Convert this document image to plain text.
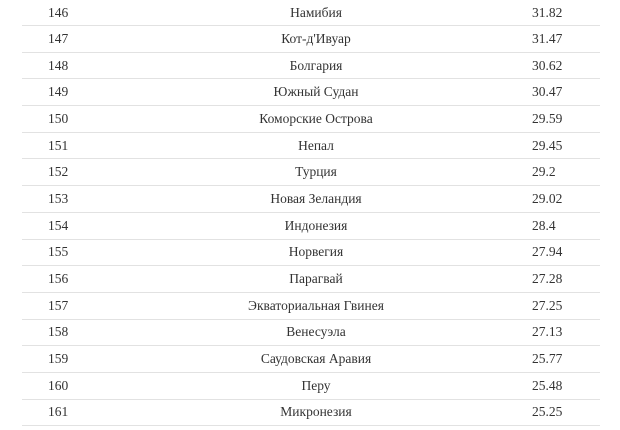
146	Намибия	31.82
147	Кот-д'Ивуар	31.47
148	Болгария	30.62
149	Южный Судан	30.47
150	Коморские Острова	29.59
151	Непал	29.45
152	Турция	29.2
153	Новая Зеландия	29.02
154	Индонезия	28.4
155	Норвегия	27.94
156	Парагвай	27.28
157	Экваториальная Гвинея	27.25
158	Венесуэла	27.13
159	Саудовская Аравия	25.77
160	Перу	25.48
161	Микронезия	25.25
